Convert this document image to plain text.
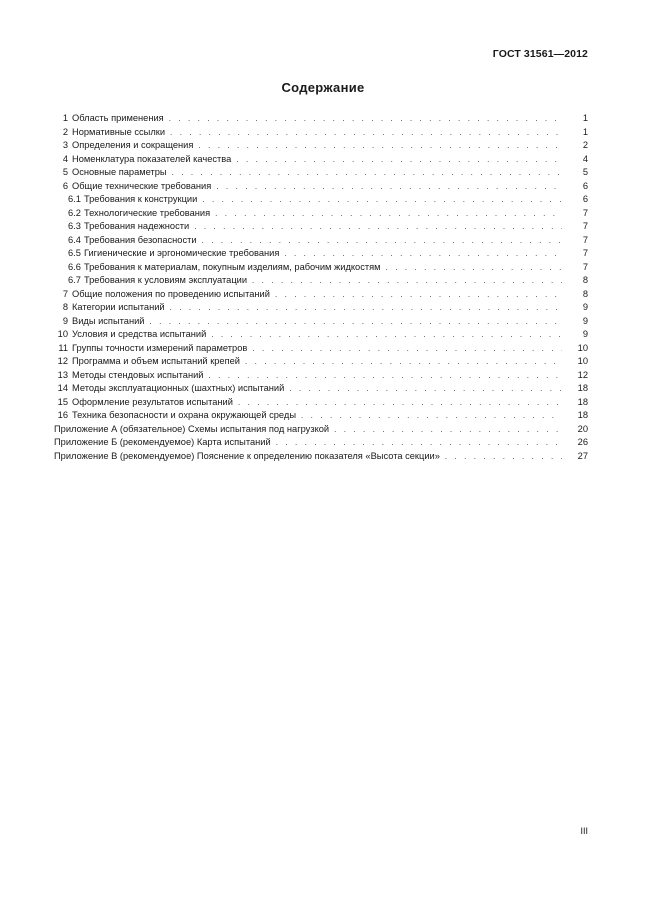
ГОСТ 31561—2012
Содержание
1 Область применения . . .	1
2 Нормативные ссылки . . .	1
3 Определения и сокращения . . .	2
4 Номенклатура показателей качества . . .	4
5 Основные параметры . . .	5
6 Общие технические требования . . .	6
6.1 Требования к конструкции . . .	6
6.2 Технологические требования . . .	7
6.3 Требования надежности . . .	7
6.4 Требования безопасности . . .	7
6.5 Гигиенические и эргономические требования . . .	7
6.6 Требования к материалам, покупным изделиям, рабочим жидкостям . . .	7
6.7 Требования к условиям эксплуатации . . .	8
7 Общие положения по проведению испытаний . . .	8
8 Категории испытаний . . .	9
9 Виды испытаний . . .	9
10 Условия и средства испытаний . . .	9
11 Группы точности измерений параметров . . .	10
12 Программа и объем испытаний крепей . . .	10
13 Методы стендовых испытаний . . .	12
14 Методы эксплуатационных (шахтных) испытаний . . .	18
15 Оформление результатов испытаний . . .	18
16 Техника безопасности и охрана окружающей среды . . .	18
Приложение А (обязательное) Схемы испытания под нагрузкой . . .	20
Приложение Б (рекомендуемое) Карта испытаний . . .	26
Приложение В (рекомендуемое) Пояснение к определению показателя «Высота секции» . . .	27
III
